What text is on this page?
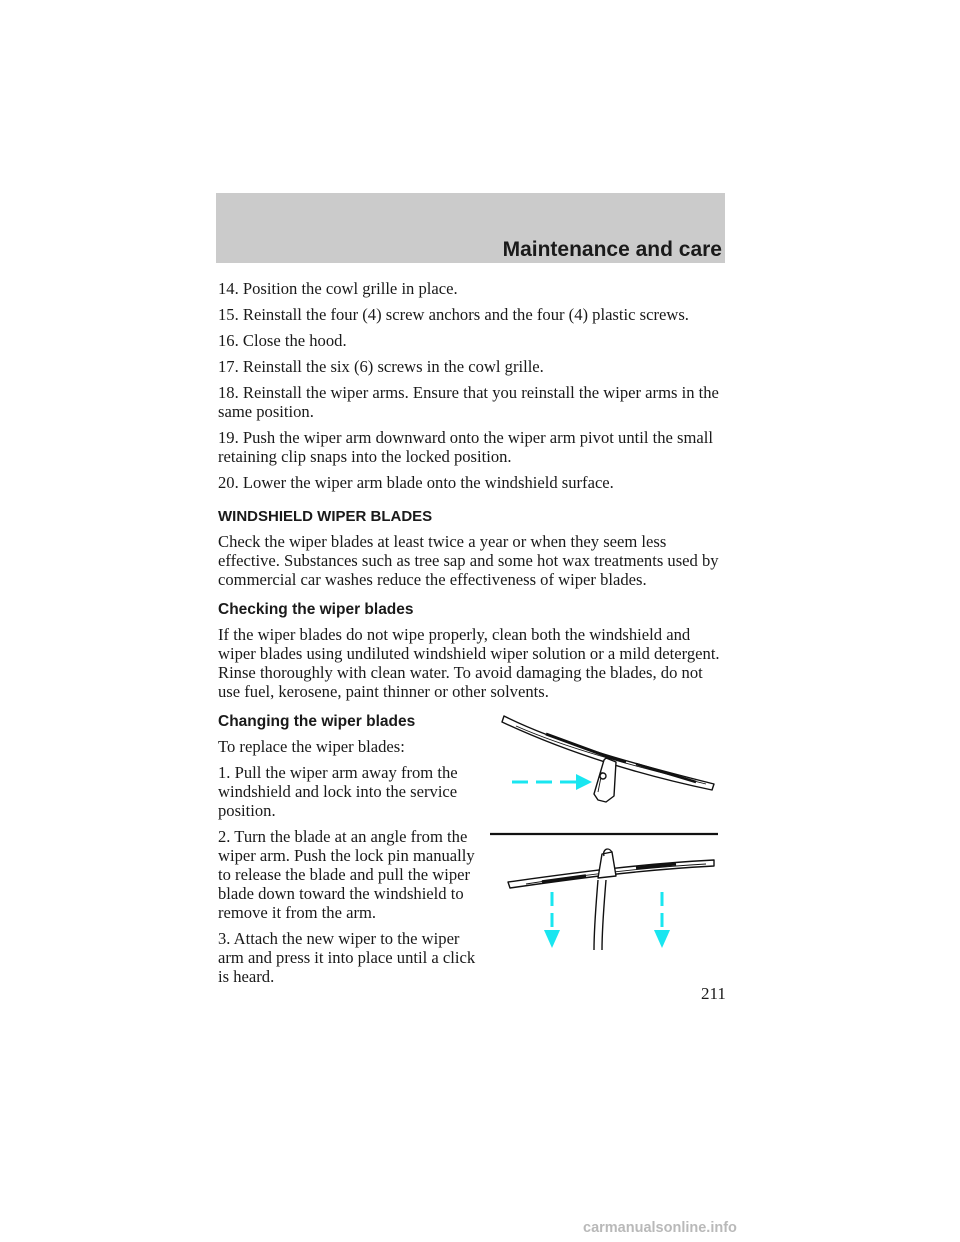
Maintenance and care

14. Position the cowl grille in place.

15. Reinstall the four (4) screw anchors and the four (4) plastic screws.

16. Close the hood.

17. Reinstall the six (6) screws in the cowl grille.

18. Reinstall the wiper arms. Ensure that you reinstall the wiper arms in the same position.

19. Push the wiper arm downward onto the wiper arm pivot until the small retaining clip snaps into the locked position.

20. Lower the wiper arm blade onto the windshield surface.

WINDSHIELD WIPER BLADES

Check the wiper blades at least twice a year or when they seem less effective. Substances such as tree sap and some hot wax treatments used by commercial car washes reduce the effectiveness of wiper blades.

Checking the wiper blades

If the wiper blades do not wipe properly, clean both the windshield and wiper blades using undiluted windshield wiper solution or a mild detergent. Rinse thoroughly with clean water. To avoid damaging the blades, do not use fuel, kerosene, paint thinner or other solvents.

Changing the wiper blades

To replace the wiper blades:

1. Pull the wiper arm away from the windshield and lock into the service position.

2. Turn the blade at an angle from the wiper arm. Push the lock pin manually to release the blade and pull the wiper blade down toward the windshield to remove it from the arm.

3. Attach the new wiper to the wiper arm and press it into place until a click is heard.

211
carmanualsonline.info
